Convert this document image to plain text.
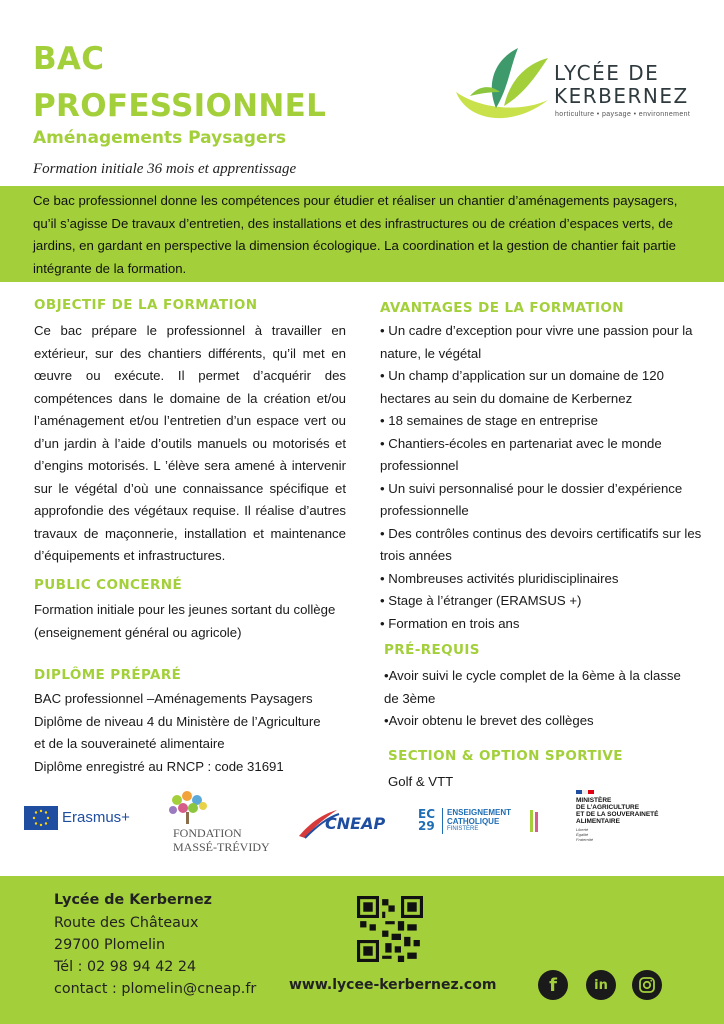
BAC
PROFESSIONNEL
Aménagements Paysagers
Formation initiale 36 mois et apprentissage
LYCÉE DE
KERBERNEZ
horticulture • paysage • environnement
Ce bac professionnel donne les compétences pour étudier et réaliser un chantier d’aménagements paysagers, qu’il s’agisse De travaux d’entretien, des installations et des infrastructures ou de création d’espaces verts, de jardins, en gardant en perspective la dimension écologique. La coordination et la gestion de chantier fait partie intégrante de la formation.
OBJECTIF DE LA FORMATION
Ce bac prépare le professionnel à travailler en extérieur, sur des chantiers différents, qu’il met en œuvre ou exécute. Il permet d’acquérir des compétences dans le domaine de la création et/ou l’aménagement et/ou l’entretien d’un espace vert ou d’un jardin à l’aide d’outils manuels ou motorisés et d’engins motorisés. L ’élève sera amené à intervenir sur le végétal d’où une connaissance spécifique et approfondie des végétaux requise. Il réalise d’autres travaux de maçonnerie, installation et maintenance d’équipements et infrastructures.
PUBLIC CONCERNÉ
Formation initiale pour les jeunes sortant du collège
(enseignement général ou agricole)
DIPLÔME PRÉPARÉ
BAC professionnel –Aménagements Paysagers
Diplôme de niveau 4 du Ministère de l’Agriculture
et de la souveraineté alimentaire
Diplôme enregistré au RNCP : code 31691
AVANTAGES DE LA FORMATION
• Un cadre d’exception pour vivre une passion pour la nature, le végétal
• Un champ d’application sur un domaine de 120 hectares au sein du domaine de Kerbernez
• 18 semaines de stage en entreprise
• Chantiers-écoles en partenariat avec le monde professionnel
• Un suivi personnalisé pour le dossier d’expérience professionnelle
• Des contrôles continus des devoirs certificatifs sur les trois années
• Nombreuses activités pluridisciplinaires
• Stage à l’étranger (ERAMSUS +)
• Formation en trois ans
PRÉ-REQUIS
• Avoir suivi le cycle complet de la 6ème à la classe de 3ème
• Avoir obtenu le brevet des collèges
SECTION & OPTION SPORTIVE
Golf & VTT
Erasmus+
FONDATION
MASSÉ-TRÉVIDY
CNEAP	EC
29
ENSEIGNEMENT
CATHOLIQUE
FINISTÈRE
MINISTÈRE
DE L’AGRICULTURE
ET DE LA SOUVERAINETÉ
ALIMENTAIRE
Liberté
Égalité
Fraternité
Lycée de Kerbernez
Route des Châteaux
29700 Plomelin
Tél : 02 98 94 42 24
contact : plomelin@cneap.fr www.lycee-kerbernez.com	f	in
